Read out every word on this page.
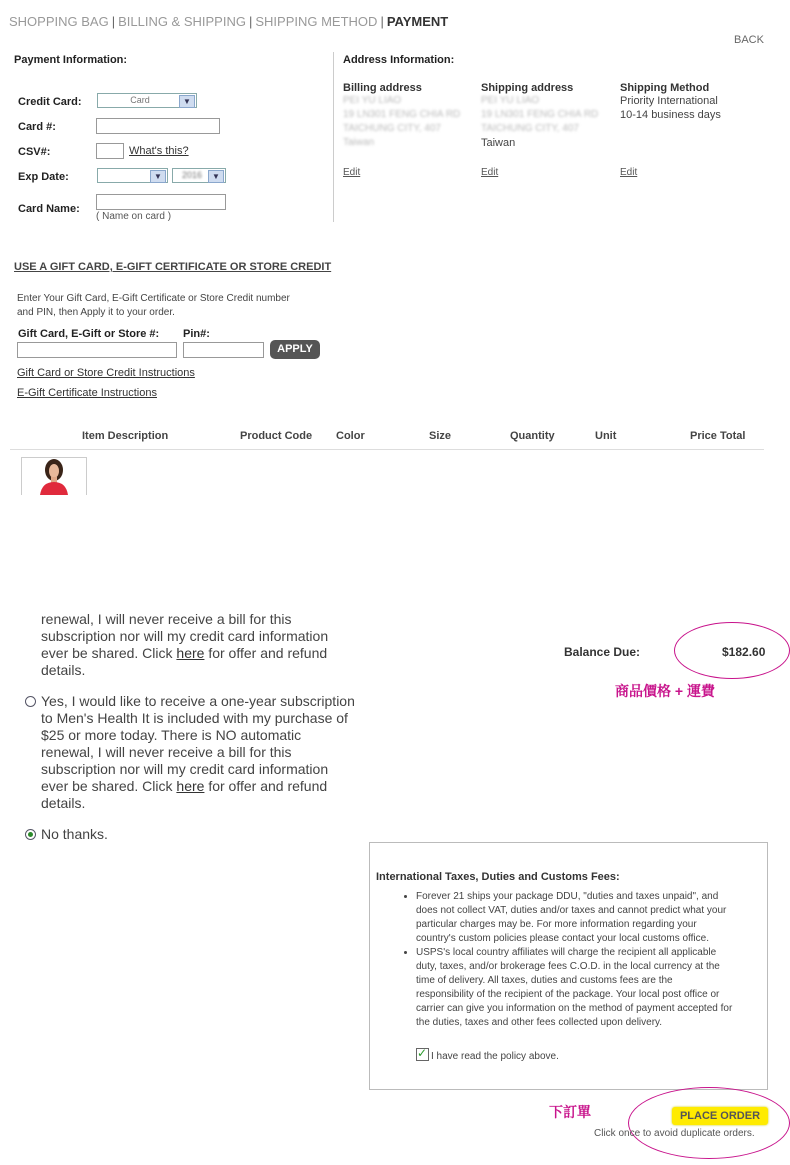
SHOPPING BAG | BILLING & SHIPPING | SHIPPING METHOD | PAYMENT
BACK
Payment Information:
Credit Card:	Card	▼
Card #:
CSV#:	What's this?
Exp Date:	▼	2016	▼
Card Name:
( Name on card )
Address Information:
Billing address
PEI YU LIAO
19 LN301 FENG CHIA RD
TAICHUNG CITY, 407
Taiwan
Edit
Shipping address
PEI YU LIAO
19 LN301 FENG CHIA RD
TAICHUNG CITY, 407
Taiwan
Edit
Shipping Method
Priority International
10-14 business days
Edit
USE A GIFT CARD, E-GIFT CERTIFICATE OR STORE CREDIT
Enter Your Gift Card, E-Gift Certificate or Store Credit number
and PIN, then Apply it to your order.
Gift Card, E-Gift or Store #: Pin#:
APPLY
Gift Card or Store Credit Instructions
E-Gift Certificate Instructions
Item Description	Product Code Color	Size	Quantity	Unit	Price Total
renewal, I will never receive a bill for this
subscription nor will my credit card information
ever be shared. Click here for offer and refund
details.
Yes, I would like to receive a one-year subscription
to Men's Health It is included with my purchase of
$25 or more today. There is NO automatic
renewal, I will never receive a bill for this
subscription nor will my credit card information
ever be shared. Click here for offer and refund
details.
No thanks.
Balance Due:	$182.60
商品價格 + 運費
International Taxes, Duties and Customs Fees:
• Forever 21 ships your package DDU, "duties and taxes unpaid", and
does not collect VAT, duties and/or taxes and cannot predict what your
particular charges may be. For more information regarding your
country's custom policies please contact your local customs office.
• USPS's local country affiliates will charge the recipient all applicable
duty, taxes, and/or brokerage fees C.O.D. in the local currency at the
time of delivery. All taxes, duties and customs fees are the
responsibility of the recipient of the package. Your local post office or
carrier can give you information on the method of payment accepted for
the duties, taxes and other fees collected upon delivery.
✓ I have read the policy above.
下訂單	PLACE ORDER
Click once to avoid duplicate orders.
